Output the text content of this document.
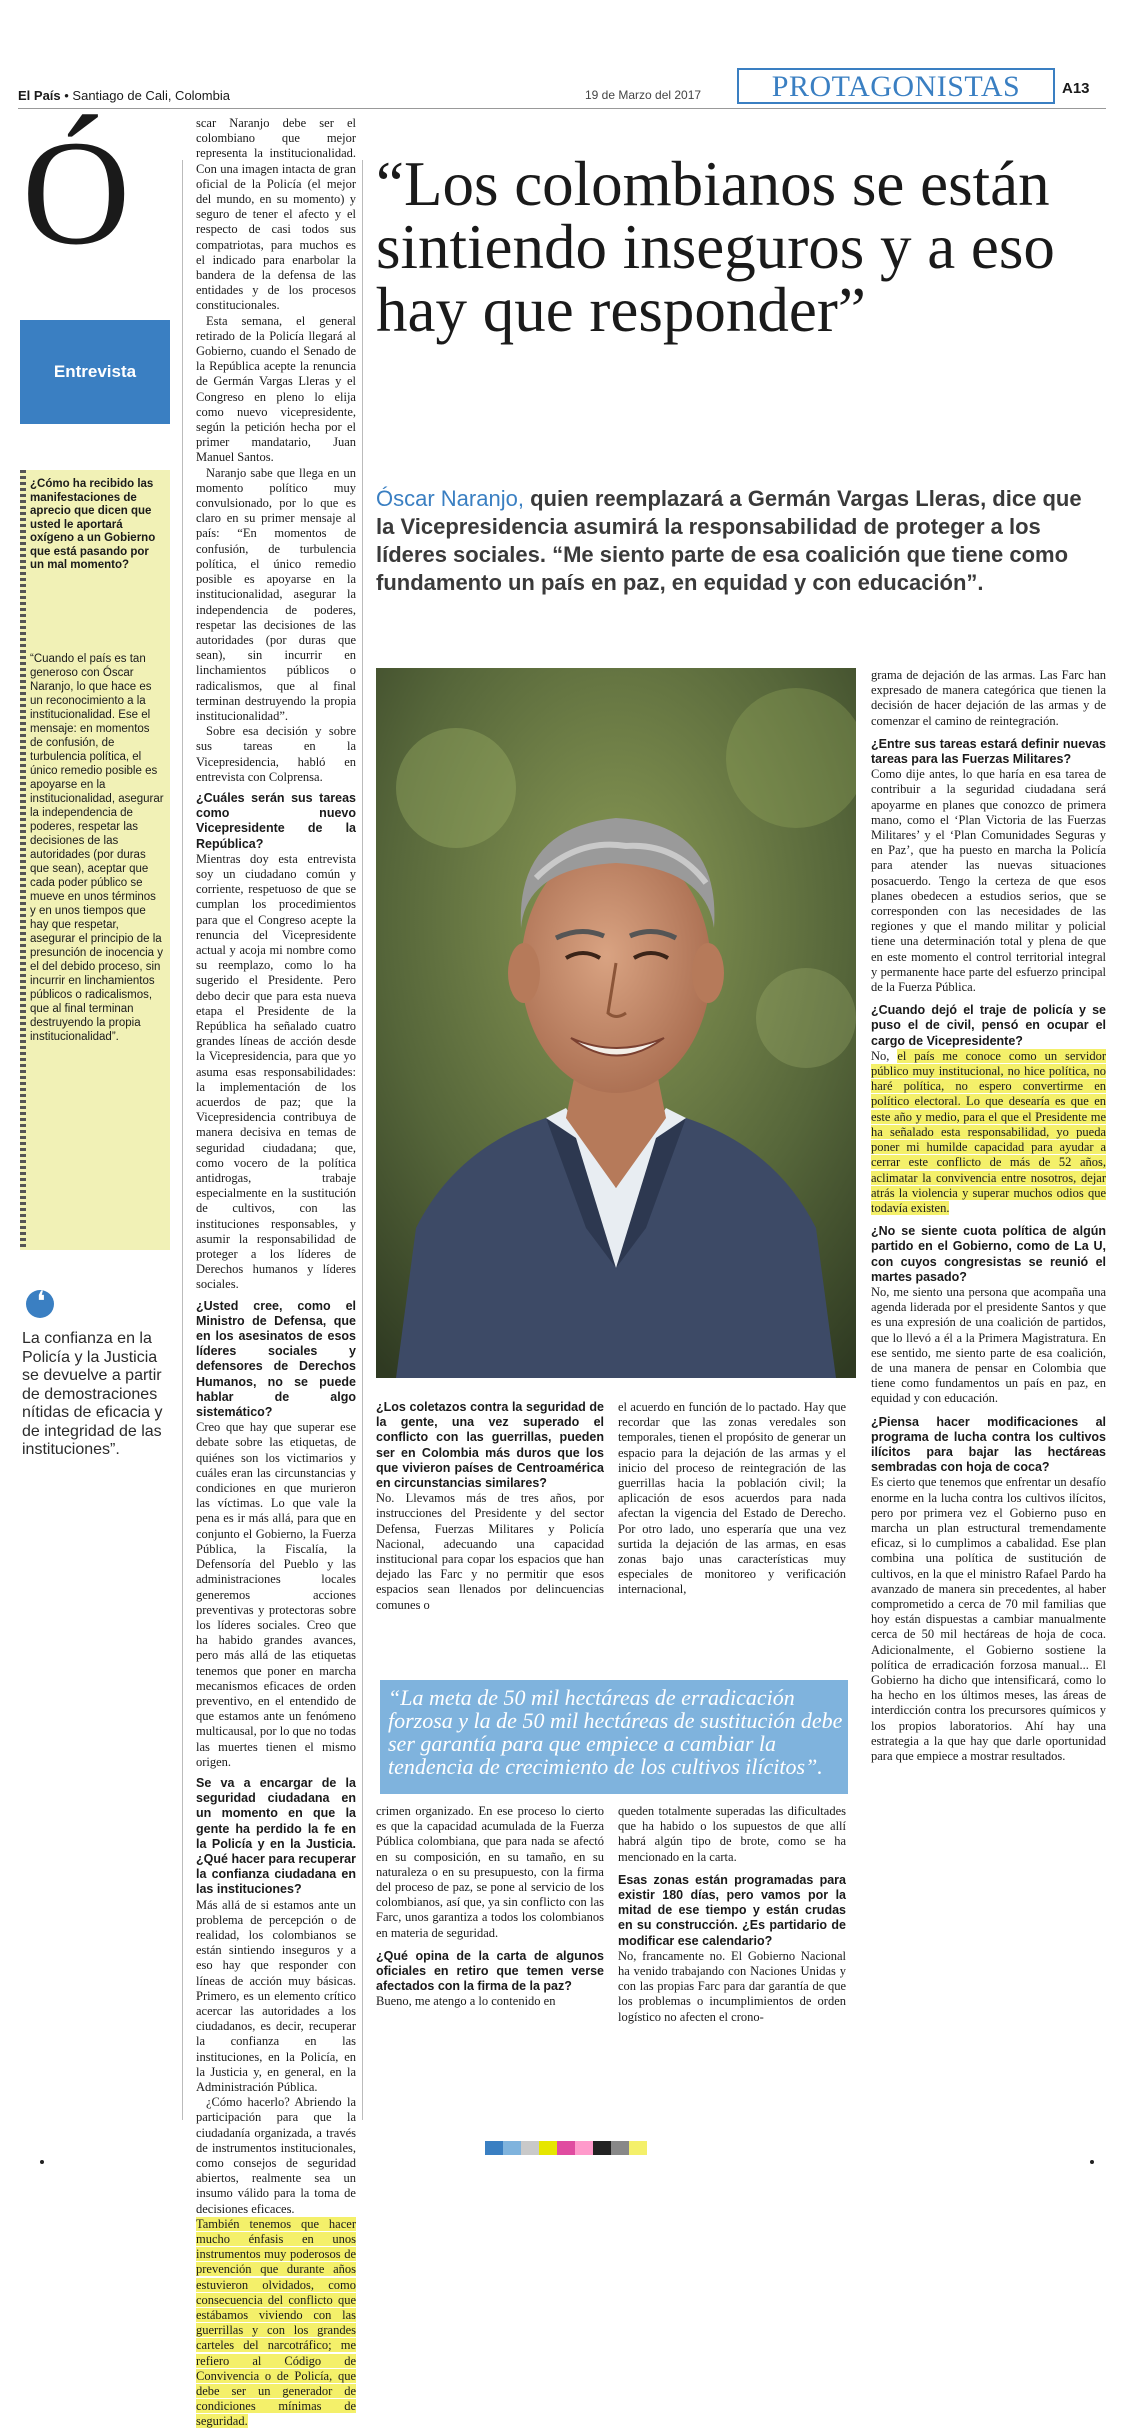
El País • Santiago de Cali, Colombia	19 de Marzo del 2017	PROTAGONISTAS	A13
Ó
Entrevista
¿Cómo ha recibido las manifestaciones de aprecio que dicen que usted le aportará oxígeno a un Gobierno que está pasando por un mal momento?
“Cuando el país es tan generoso con Óscar Naranjo, lo que hace es un reconocimiento a la institucionalidad. Ese el mensaje: en momentos de confusión, de turbulencia política, el único remedio posible es apoyarse en la institucionalidad, asegurar la independencia de poderes, respetar las decisiones de las autoridades (por duras que sean), aceptar que cada poder público se mueve en unos términos y en unos tiempos que hay que respetar, asegurar el principio de la presunción de inocencia y el del debido proceso, sin incurrir en linchamientos públicos o radicalismos, que al final terminan destruyendo la propia institucionalidad”.
❛
La confianza en la Policía y la Justicia se devuelve a partir de demostraciones nítidas de eficacia y de integridad de las instituciones”.

scar Naranjo debe ser el colombiano que mejor representa la institucionalidad. Con una imagen intacta de gran oficial de la Policía (el mejor del mundo, en su momento) y seguro de tener el afecto y el respecto de casi todos sus compatriotas, para muchos es el indicado para enarbolar la bandera de la defensa de las entidades y de los procesos constitucionales.

Esta semana, el general retirado de la Policía llegará al Gobierno, cuando el Senado de la República acepte la renuncia de Germán Vargas Lleras y el Congreso en pleno lo elija como nuevo vicepresidente, según la petición hecha por el primer mandatario, Juan Manuel Santos.

Naranjo sabe que llega en un momento político muy convulsionado, por lo que es claro en su primer mensaje al país: “En momentos de confusión, de turbulencia política, el único remedio posible es apoyarse en la institucionalidad, asegurar la independencia de poderes, respetar las decisiones de las autoridades (por duras que sean), sin incurrir en linchamientos públicos o radicalismos, que al final terminan destruyendo la propia institucionalidad”.

Sobre esa decisión y sobre sus tareas en la Vicepresidencia, habló en entrevista con Colprensa.

¿Cuáles serán sus tareas como nuevo Vicepresidente de la República?

Mientras doy esta entrevista soy un ciudadano común y corriente, respetuoso de que se cumplan los procedimientos para que el Congreso acepte la renuncia del Vicepresidente actual y acoja mi nombre como su reemplazo, como lo ha sugerido el Presidente. Pero debo decir que para esta nueva etapa el Presidente de la República ha señalado cuatro grandes líneas de acción desde la Vicepresidencia, para que yo asuma esas responsabilidades: la implementación de los acuerdos de paz; que la Vicepresidencia contribuya de manera decisiva en temas de seguridad ciudadana; que, como vocero de la política antidrogas, trabaje especialmente en la sustitución de cultivos, con las instituciones responsables, y asumir la responsabilidad de proteger a los líderes de Derechos humanos y líderes sociales.

¿Usted cree, como el Ministro de Defensa, que en los asesinatos de esos líderes sociales y defensores de Derechos Humanos, no se puede hablar de algo sistemático?

Creo que hay que superar ese debate sobre las etiquetas, de quiénes son los victimarios y cuáles eran las circunstancias y condiciones en que murieron las víctimas. Lo que vale la pena es ir más allá, para que en conjunto el Gobierno, la Fuerza Pública, la Fiscalía, la Defensoría del Pueblo y las administraciones locales generemos acciones preventivas y protectoras sobre los líderes sociales. Creo que ha habido grandes avances, pero más allá de las etiquetas tenemos que poner en marcha mecanismos eficaces de orden preventivo, en el entendido de que estamos ante un fenómeno multicausal, por lo que no todas las muertes tienen el mismo origen.

Se va a encargar de la seguridad ciudadana en un momento en que la gente ha perdido la fe en la Policía y en la Justicia. ¿Qué hacer para recuperar la confianza ciudadana en las instituciones?

Más allá de si estamos ante un problema de percepción o de realidad, los colombianos se están sintiendo inseguros y a eso hay que responder con líneas de acción muy básicas. Primero, es un elemento crítico acercar las autoridades a los ciudadanos, es decir, recuperar la confianza en las instituciones, en la Policía, en la Justicia y, en general, en la Administración Pública.

¿Cómo hacerlo? Abriendo la participación para que la ciudadanía organizada, a través de instrumentos institucionales, como consejos de seguridad abiertos, realmente sea un insumo válido para la toma de decisiones eficaces.

También tenemos que hacer mucho énfasis en unos instrumentos muy poderosos de prevención que durante años estuvieron olvidados, como consecuencia del conflicto que estábamos viviendo con las guerrillas y con los grandes carteles del narcotráfico; me refiero al Código de Convivencia o de Policía, que debe ser un generador de condiciones mínimas de seguridad.

“Los colombianos se están sintiendo inseguros y a eso hay que responder”
Óscar Naranjo, quien reemplazará a Germán Vargas Lleras, dice que la Vicepresidencia asumirá la responsabilidad de proteger a los líderes sociales. “Me siento parte de esa coalición que tiene como fundamento un país en paz, en equidad y con educación”.

grama de dejación de las armas. Las Farc han expresado de manera categórica que tienen la decisión de hacer dejación de las armas y de comenzar el camino de reintegración.

¿Entre sus tareas estará definir nuevas tareas para las Fuerzas Militares?

Como dije antes, lo que haría en esa tarea de contribuir a la seguridad ciudadana será apoyarme en planes que conozco de primera mano, como el ‘Plan Victoria de las Fuerzas Militares’ y el ‘Plan Comunidades Seguras y en Paz’, que ha puesto en marcha la Policía para atender las nuevas situaciones posacuerdo. Tengo la certeza de que esos planes obedecen a estudios serios, que se corresponden con las necesidades de las regiones y que el mando militar y policial tiene una determinación total y plena de que en este momento el control territorial integral y permanente hace parte del esfuerzo principal de la Fuerza Pública.

¿Cuando dejó el traje de policía y se puso el de civil, pensó en ocupar el cargo de Vicepresidente?

No, el país me conoce como un servidor público muy institucional, no hice política, no haré política, no espero convertirme en político electoral. Lo que desearía es que en este año y medio, para el que el Presidente me ha señalado esta responsabilidad, yo pueda poner mi humilde capacidad para ayudar a cerrar este conflicto de más de 52 años, aclimatar la convivencia entre nosotros, dejar atrás la violencia y superar muchos odios que todavía existen.

¿No se siente cuota política de algún partido en el Gobierno, como de La U, con cuyos congresistas se reunió el martes pasado?

No, me siento una persona que acompaña una agenda liderada por el presidente Santos y que es una expresión de una coalición de partidos, que lo llevó a él a la Primera Magistratura. En ese sentido, me siento parte de esa coalición, de una manera de pensar en Colombia que tiene como fundamentos un país en paz, en equidad y con educación.

¿Piensa hacer modificaciones al programa de lucha contra los cultivos ilícitos para bajar las hectáreas sembradas con hoja de coca?

Es cierto que tenemos que enfrentar un desafío enorme en la lucha contra los cultivos ilícitos, pero por primera vez el Gobierno puso en marcha un plan estructural tremendamente eficaz, si lo cumplimos a cabalidad. Ese plan combina una política de sustitución de cultivos, en la que el ministro Rafael Pardo ha avanzado de manera sin precedentes, al haber comprometido a cerca de 70 mil familias que hoy están dispuestas a cambiar manualmente cerca de 50 mil hectáreas de hoja de coca. Adicionalmente, el Gobierno sostiene la política de erradicación forzosa manual... El Gobierno ha dicho que intensificará, como lo ha hecho en los últimos meses, las áreas de interdicción contra los precursores químicos y los propios laboratorios. Ahí hay una estrategia a la que hay que darle oportunidad para que empiece a mostrar resultados.

¿Los coletazos contra la seguridad de la gente, una vez superado el conflicto con las guerrillas, pueden ser en Colombia más duros que los que vivieron países de Centroamérica en circunstancias similares?

No. Llevamos más de tres años, por instrucciones del Presidente y del sector Defensa, Fuerzas Militares y Policía Nacional, adecuando una capacidad institucional para copar los espacios que han dejado las Farc y no permitir que esos espacios sean llenados por delincuencias comunes o

el acuerdo en función de lo pactado. Hay que recordar que las zonas veredales son temporales, tienen el propósito de generar un espacio para la dejación de las armas y el inicio del proceso de reintegración de las guerrillas hacia la población civil; la aplicación de esos acuerdos para nada afectan la vigencia del Estado de Derecho. Por otro lado, uno esperaría que una vez surtida la dejación de las armas, en esas zonas bajo unas características muy especiales de monitoreo y verificación internacional,

“La meta de 50 mil hectáreas de erradicación forzosa y la de 50 mil hectáreas de sustitución debe ser garantía para que empiece a cambiar la tendencia de crecimiento de los cultivos ilícitos”.

crimen organizado. En ese proceso lo cierto es que la capacidad acumulada de la Fuerza Pública colombiana, que para nada se afectó en su composición, en su tamaño, en su naturaleza o en su presupuesto, con la firma del proceso de paz, se pone al servicio de los colombianos, así que, ya sin conflicto con las Farc, unos garantiza a todos los colombianos en materia de seguridad.

¿Qué opina de la carta de algunos oficiales en retiro que temen verse afectados con la firma de la paz?

Bueno, me atengo a lo contenido en

queden totalmente superadas las dificultades que ha habido o los supuestos de que allí habrá algún tipo de brote, como se ha mencionado en la carta.

Esas zonas están programadas para existir 180 días, pero vamos por la mitad de ese tiempo y están crudas en su construcción. ¿Es partidario de modificar ese calendario?

No, francamente no. El Gobierno Nacional ha venido trabajando con Naciones Unidas y con las propias Farc para dar garantía de que los problemas o incumplimientos de orden logístico no afecten el crono-
